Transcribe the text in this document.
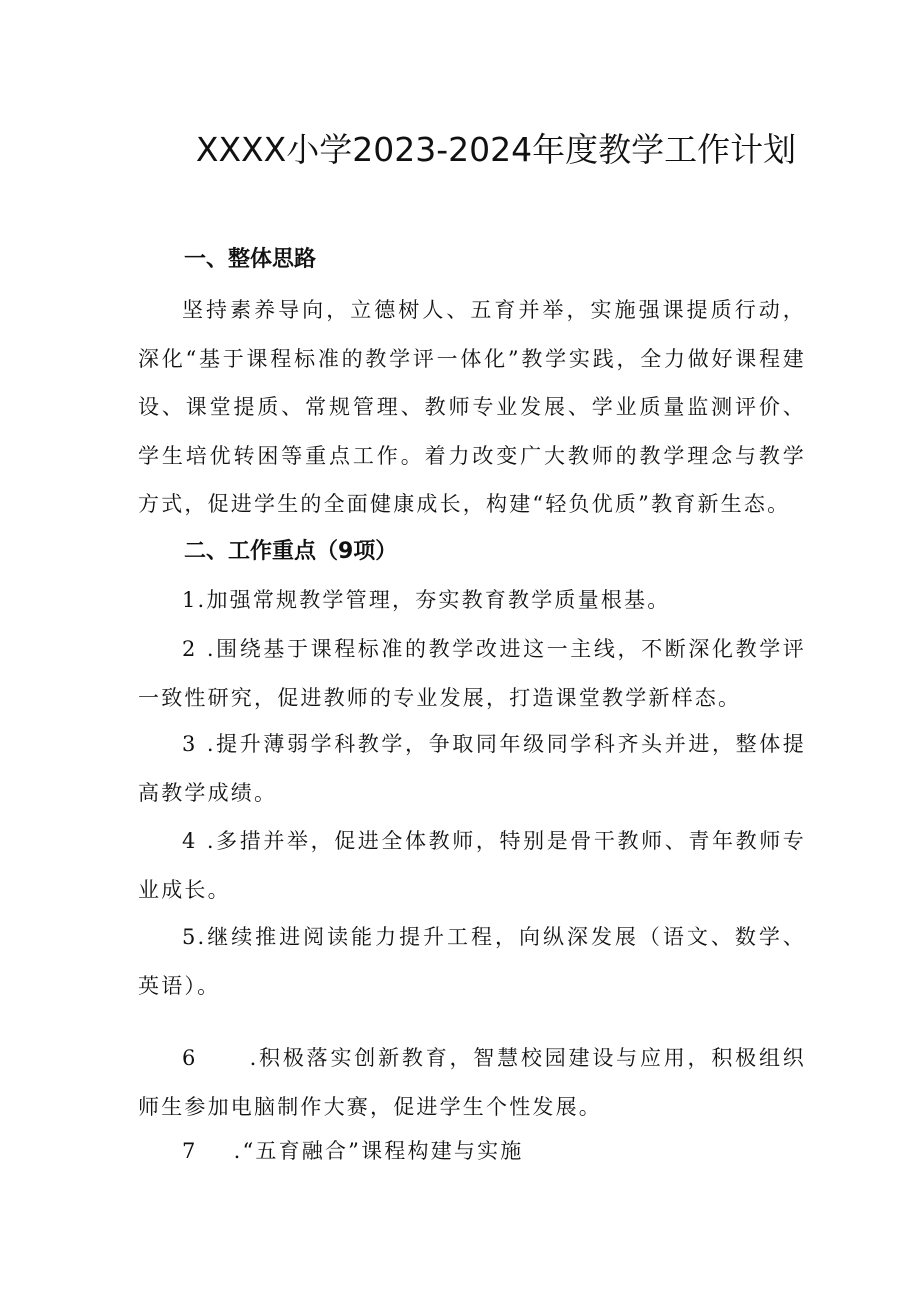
XXXX小学2023-2024年度教学工作计划
一、整体思路

坚持素养导向，立德树人、五育并举，实施强课提质行动，深化“基于课程标准的教学评一体化”教学实践，全力做好课程建设、课堂提质、常规管理、教师专业发展、学业质量监测评价、学生培优转困等重点工作。着力改变广大教师的教学理念与教学方式，促进学生的全面健康成长，构建“轻负优质”教育新生态。

二、工作重点（9项）

1.加强常规教学管理，夯实教育教学质量根基。

2 .围绕基于课程标准的教学改进这一主线，不断深化教学评一致性研究，促进教师的专业发展，打造课堂教学新样态。

3 .提升薄弱学科教学，争取同年级同学科齐头并进，整体提高教学成绩。

4 .多措并举，促进全体教师，特别是骨干教师、青年教师专业成长。

5.继续推进阅读能力提升工程，向纵深发展（语文、数学、英语）。

6 .积极落实创新教育，智慧校园建设与应用，积极组织师生参加电脑制作大赛，促进学生个性发展。

7 .“五育融合”课程构建与实施
